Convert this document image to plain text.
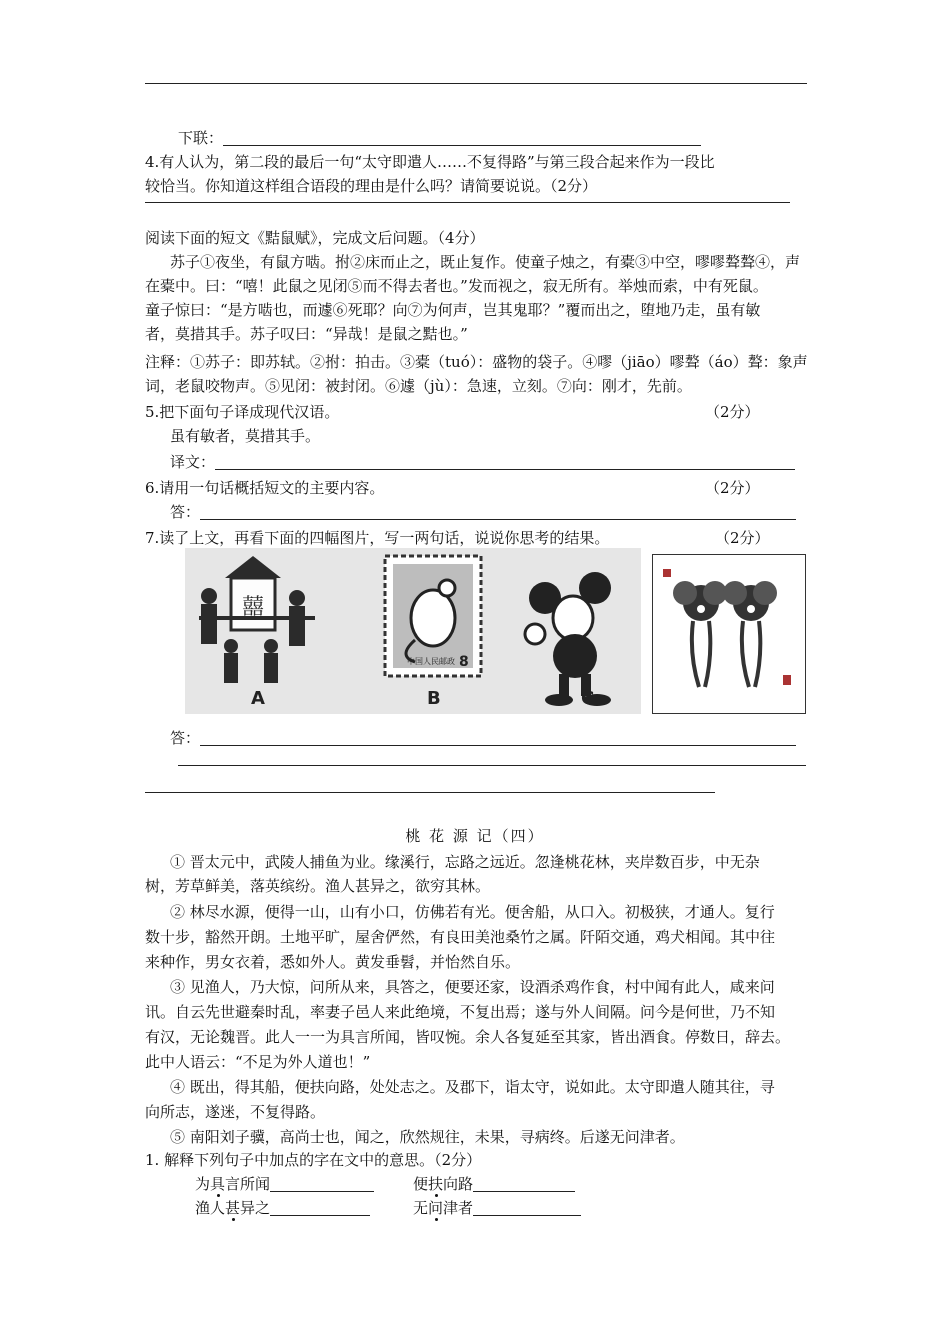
下联：
4.有人认为，第二段的最后一句“太守即遣人……不复得路”与第三段合起来作为一段比
较恰当。你知道这样组合语段的理由是什么吗？请简要说说。（2分）
阅读下面的短文《黠鼠赋》，完成文后问题。（4分）
苏子①夜坐，有鼠方啮。拊②床而止之，既止复作。使童子烛之，有橐③中空，嘐嘐聱聱④，声
在橐中。曰：“嘻！此鼠之见闭⑤而不得去者也。”发而视之，寂无所有。举烛而索，中有死鼠。
童子惊曰：“是方啮也，而遽⑥死耶？向⑦为何声，岂其鬼耶？”覆而出之，堕地乃走，虽有敏
者，莫措其手。苏子叹曰：“异哉！是鼠之黠也。”
注释：①苏子：即苏轼。②拊：拍击。③橐（tuó）：盛物的袋子。④嘐（jiāo）嘐聱（áo）聱：象声
词，老鼠咬物声。⑤见闭：被封闭。⑥遽（jù）：急速，立刻。⑦向：刚才，先前。
5.把下面句子译成现代汉语。	（2分）
虽有敏者，莫措其手。
译文：
6.请用一句话概括短文的主要内容。	（2分）
答：
7.读了上文，再看下面的四幅图片，写一两句话，说说你思考的结果。	（2分）
囍
中国人民邮政 8
A	B	C
答：
桃 花 源 记（四）
① 晋太元中，武陵人捕鱼为业。缘溪行，忘路之远近。忽逢桃花林，夹岸数百步，中无杂
树，芳草鲜美，落英缤纷。渔人甚异之，欲穷其林。
② 林尽水源，便得一山，山有小口，仿佛若有光。便舍船，从口入。初极狭，才通人。复行
数十步，豁然开朗。土地平旷，屋舍俨然，有良田美池桑竹之属。阡陌交通，鸡犬相闻。其中往
来种作，男女衣着，悉如外人。黄发垂髫，并怡然自乐。
③ 见渔人，乃大惊，问所从来，具答之，便要还家，设酒杀鸡作食，村中闻有此人，咸来问
讯。自云先世避秦时乱，率妻子邑人来此绝境，不复出焉；遂与外人间隔。问今是何世，乃不知
有汉，无论魏晋。此人一一为具言所闻，皆叹惋。余人各复延至其家，皆出酒食。停数日，辞去。
此中人语云：“不足为外人道也！”
④ 既出，得其船，便扶向路，处处志之。及郡下，诣太守，说如此。太守即遣人随其往，寻
向所志，遂迷，不复得路。
⑤ 南阳刘子骥，高尚士也，闻之，欣然规往，未果，寻病终。后遂无问津者。
1. 解释下列句子中加点的字在文中的意思。（2分）
为具言所闻	便扶向路
渔人甚异之	无问津者
